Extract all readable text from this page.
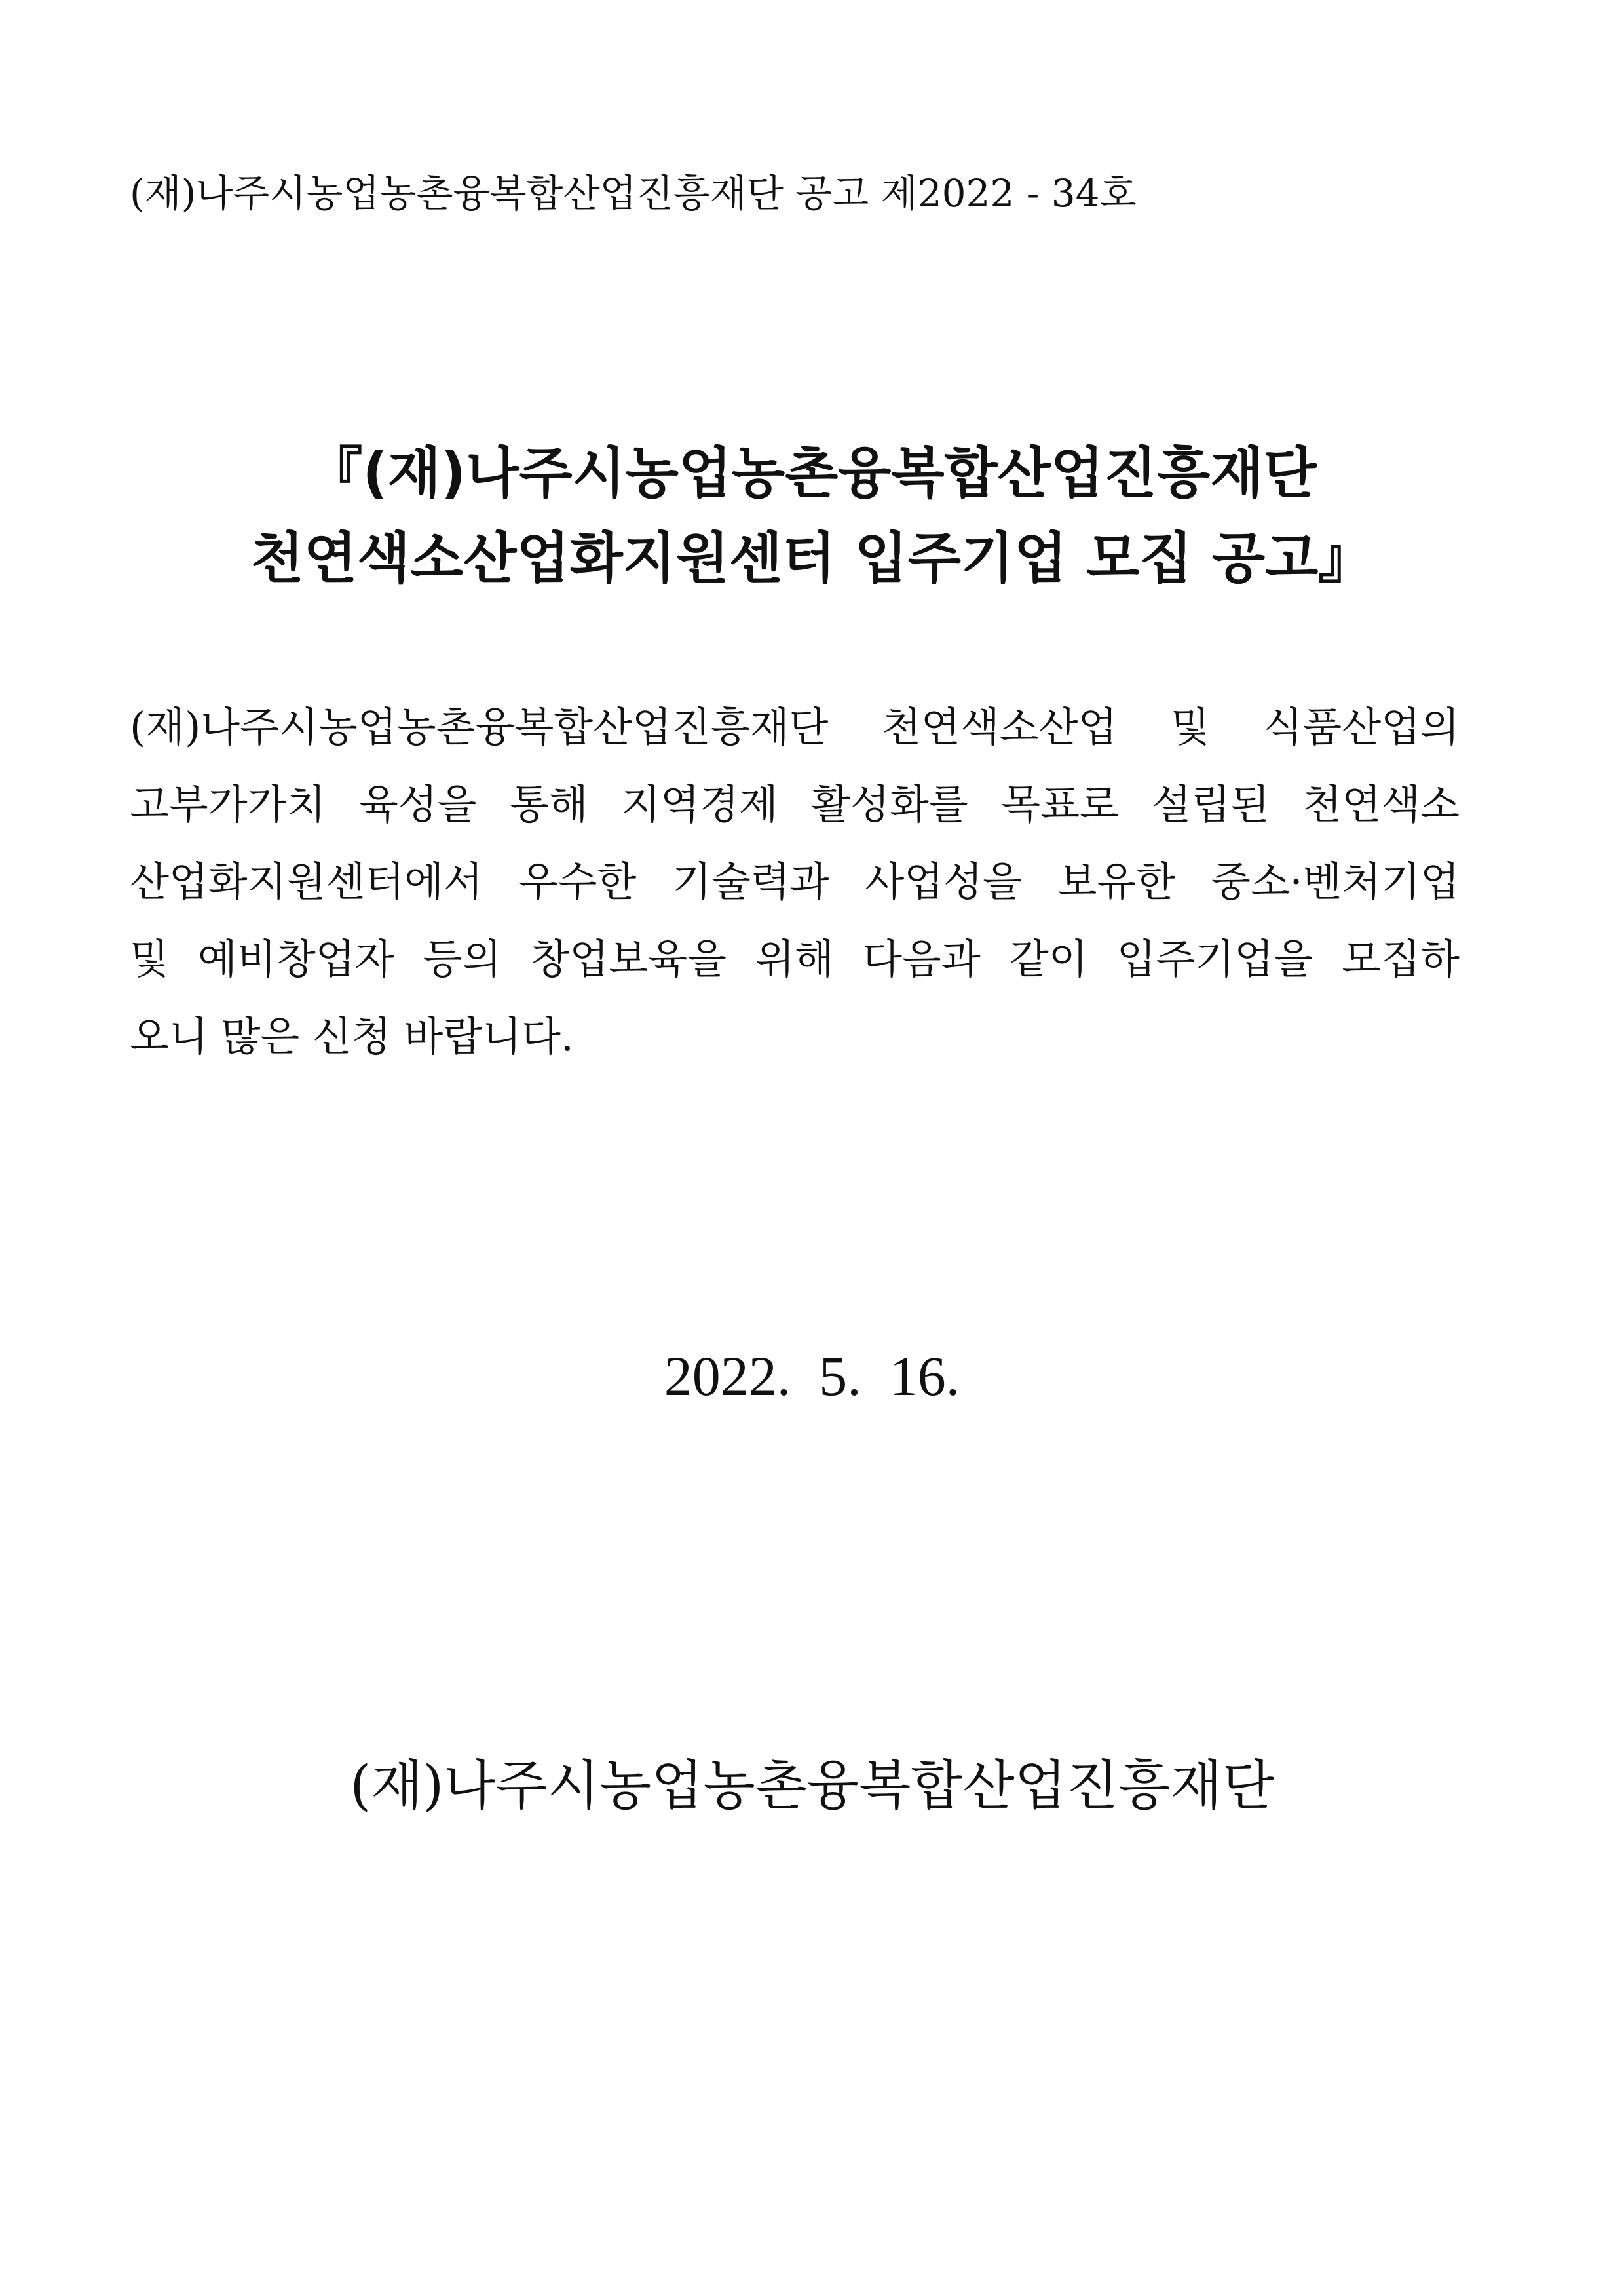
(재)나주시농업농촌융복합산업진흥재단 공고 제2022 - 34호
『(재)나주시농업농촌융복합산업진흥재단
천연색소산업화지원센터 입주기업 모집 공고』
(재)나주시농업농촌융복합산업진흥재단 천연색소산업 및 식품산업의
고부가가치 육성을 통해 지역경제 활성화를 목표로 설립된 천연색소
산업화지원센터에서 우수한 기술력과 사업성을 보유한 중소·벤처기업
및 예비창업자 등의 창업보육을 위해 다음과 같이 입주기업을 모집하
오니 많은 신청 바랍니다.
2022.  5.  16.
(재)나주시농업농촌융복합산업진흥재단
